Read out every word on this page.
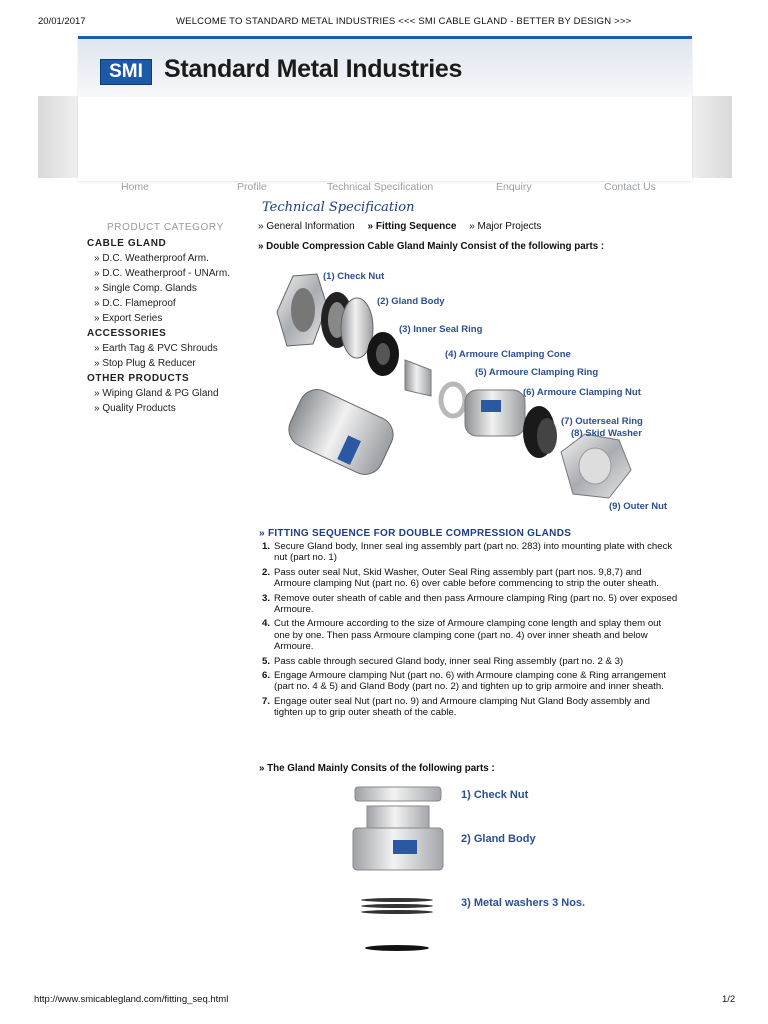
20/01/2017	WELCOME TO STANDARD METAL INDUSTRIES <<< SMI CABLE GLAND - BETTER BY DESIGN >>>
SMI Standard Metal Industries
Home	Profile	Technical Specification	Enquiry	Contact Us
PRODUCT CATEGORY
CABLE GLAND
» D.C. Weatherproof Arm.
» D.C. Weatherproof - UNArm.
» Single Comp. Glands
» D.C. Flameproof
» Export Series
ACCESSORIES
» Earth Tag & PVC Shrouds
» Stop Plug & Reducer
OTHER PRODUCTS
» Wiping Gland & PG Gland
» Quality Products
Technical Specification
» General Information » Fitting Sequence » Major Projects
» Double Compression Cable Gland Mainly Consist of the following parts :
(1) Check Nut
(2) Gland Body
(3) Inner Seal Ring
(4) Armoure Clamping Cone
(5) Armoure Clamping Ring
(6) Armoure Clamping Nut
(7) Outerseal Ring
(8) Skid Washer
(9) Outer Nut
» FITTING SEQUENCE FOR DOUBLE COMPRESSION GLANDS
1. Secure Gland body, Inner seal ing assembly part (part no. 283) into mounting plate with check nut (part no. 1)
2. Pass outer seal Nut, Skid Washer, Outer Seal Ring assembly part (part nos. 9,8,7) and Armoure clamping Nut (part no. 6) over cable before commencing to strip the outer sheath.
3. Remove outer sheath of cable and then pass Armoure clamping Ring (part no. 5) over exposed Armoure.
4. Cut the Armoure according to the size of Armoure clamping cone length and splay them out one by one. Then pass Armoure clamping cone (part no. 4) over inner sheath and below Armoure.
5. Pass cable through secured Gland body, inner seal Ring assembly (part no. 2 & 3)
6. Engage Armoure clamping Nut (part no. 6) with Armoure clamping cone & Ring arrangement (part no. 4 & 5) and Gland Body (part no. 2) and tighten up to grip armoire and inner sheath.
7. Engage outer seal Nut (part no. 9) and Armoure clamping Nut Gland Body assembly and tighten up to grip outer sheath of the cable.
» The Gland Mainly Consits of the following parts :
1) Check Nut
2) Gland Body
3) Metal washers 3 Nos.
http://www.smicablegland.com/fitting_seq.html	1/2
